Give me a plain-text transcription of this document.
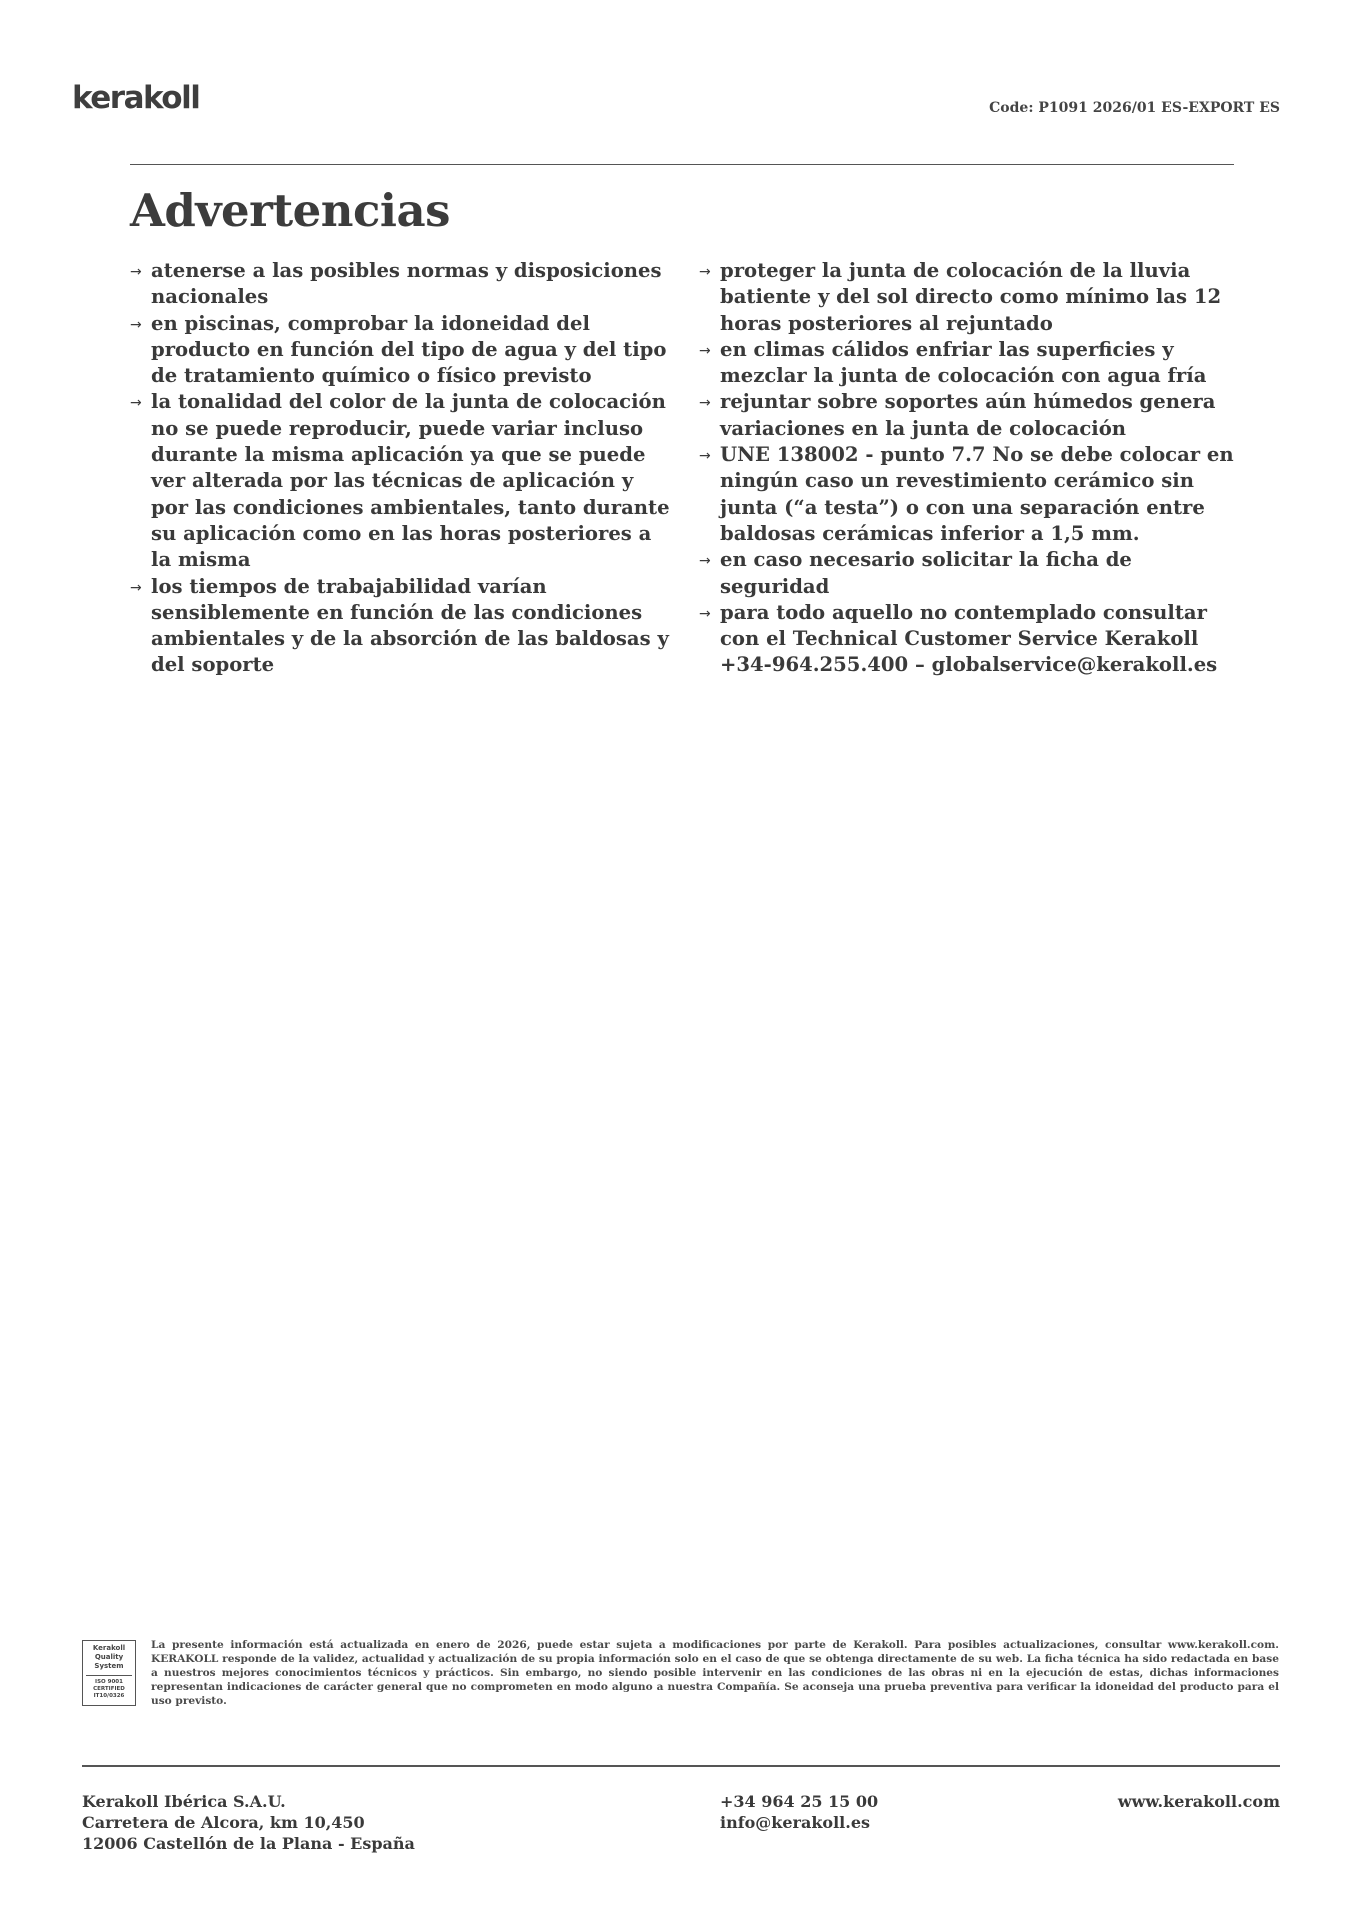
kerakoll	Code: P1091 2026/01 ES-EXPORT ES
Advertencias
→ atenerse a las posibles normas y disposiciones nacionales
→ en piscinas, comprobar la idoneidad del producto en función del tipo de agua y del tipo de tratamiento químico o físico previsto
→ la tonalidad del color de la junta de colocación no se puede reproducir, puede variar incluso durante la misma aplicación ya que se puede ver alterada por las técnicas de aplicación y por las condiciones ambientales, tanto durante su aplicación como en las horas posteriores a la misma
→ los tiempos de trabajabilidad varían sensiblemente en función de las condiciones ambientales y de la absorción de las baldosas y del soporte
→ proteger la junta de colocación de la lluvia batiente y del sol directo como mínimo las 12 horas posteriores al rejuntado
→ en climas cálidos enfriar las superficies y mezclar la junta de colocación con agua fría
→ rejuntar sobre soportes aún húmedos genera variaciones en la junta de colocación
→ UNE 138002 - punto 7.7 No se debe colocar en ningún caso un revestimiento cerámico sin junta (“a testa”) o con una separación entre baldosas cerámicas inferior a 1,5 mm.
→ en caso necesario solicitar la ficha de seguridad
→ para todo aquello no contemplado consultar con el Technical Customer Service Kerakoll +34-964.255.400 – globalservice@kerakoll.es
Kerakoll
Quality
System
ISO 9001
CERTIFIED
IT10/0326

La presente información está actualizada en enero de 2026, puede estar sujeta a modificaciones por parte de Kerakoll. Para posibles actualizaciones, consultar www.kerakoll.com. KERAKOLL responde de la validez, actualidad y actualización de su propia información solo en el caso de que se obtenga directamente de su web. La ficha técnica ha sido redactada en base a nuestros mejores conocimientos técnicos y prácticos. Sin embargo, no siendo posible intervenir en las condiciones de las obras ni en la ejecución de estas, dichas informaciones representan indicaciones de carácter general que no comprometen en modo alguno a nuestra Compañía. Se aconseja una prueba preventiva para verificar la idoneidad del producto para el uso previsto.

Kerakoll Ibérica S.A.U.
Carretera de Alcora, km 10,450
12006 Castellón de la Plana - España
+34 964 25 15 00
info@kerakoll.es
www.kerakoll.com
